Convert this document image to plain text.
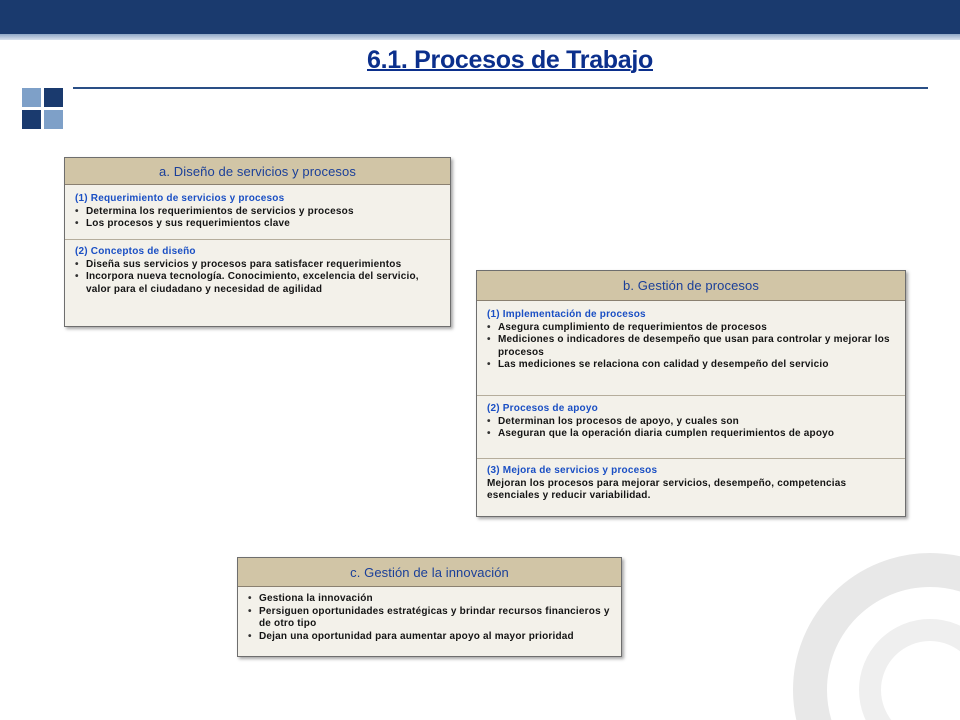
6.1. Procesos de Trabajo
a. Diseño de servicios y procesos
(1) Requerimiento de servicios y procesos
• Determina los requerimientos de servicios y procesos
• Los procesos y sus requerimientos clave
(2) Conceptos de diseño
• Diseña sus servicios y procesos para satisfacer requerimientos
• Incorpora nueva tecnología. Conocimiento, excelencia del servicio, valor para el ciudadano y necesidad de agilidad	b. Gestión de procesos
(1) Implementación de procesos
• Asegura cumplimiento de requerimientos de procesos
• Mediciones o indicadores de desempeño que usan para controlar y mejorar los procesos
• Las mediciones se relaciona con calidad y desempeño del servicio
(2) Procesos de apoyo
• Determinan los procesos de apoyo, y cuales son
• Aseguran que la operación diaria cumplen requerimientos de apoyo
(3) Mejora de servicios y procesos
Mejoran los procesos para mejorar servicios, desempeño, competencias esenciales y reducir variabilidad.
c. Gestión de la innovación
• Gestiona la innovación
• Persiguen oportunidades estratégicas y brindar recursos financieros y de otro tipo
• Dejan una oportunidad para aumentar apoyo al mayor prioridad
